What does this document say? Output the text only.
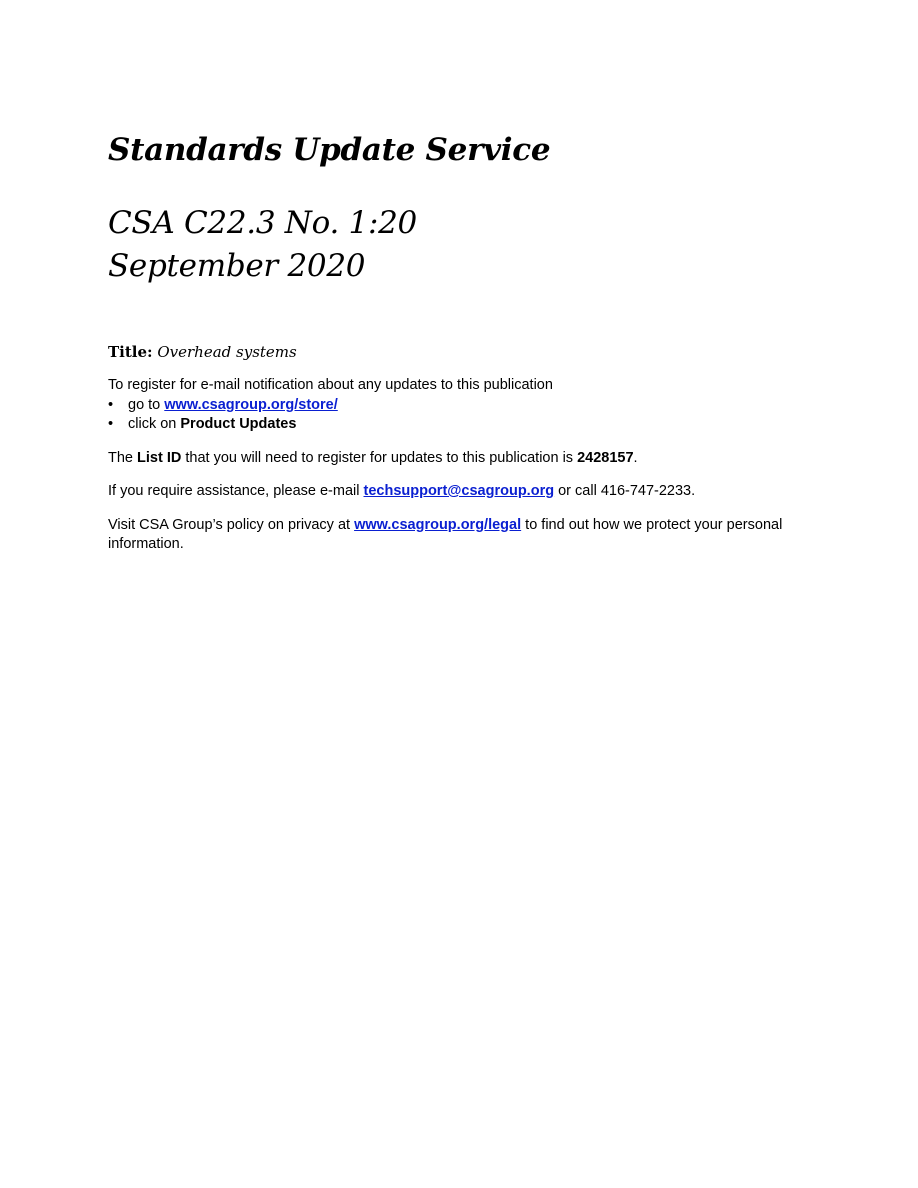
Standards Update Service
CSA C22.3 No. 1:20
September 2020
Title: Overhead systems

To register for e-mail notification about any updates to this publication

• go to www.csagroup.org/store/
• click on Product Updates

The List ID that you will need to register for updates to this publication is 2428157.

If you require assistance, please e-mail techsupport@csagroup.org or call 416-747-2233.

Visit CSA Group’s policy on privacy at www.csagroup.org/legal to find out how we protect your personal information.
